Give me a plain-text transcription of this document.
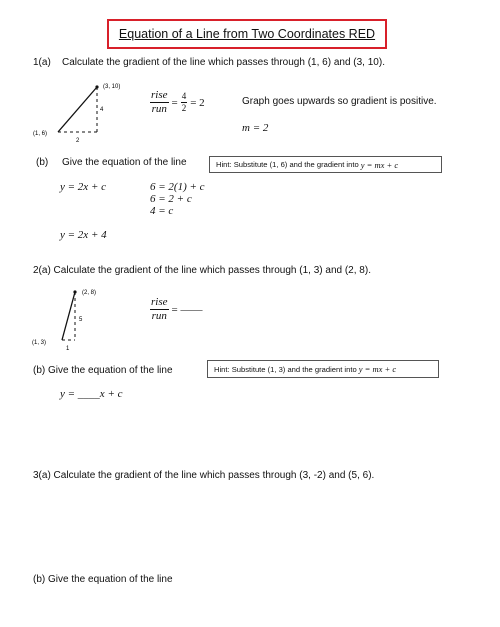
Equation of a Line from Two Coordinates RED
1(a) Calculate the gradient of the line which passes through (1, 6) and (3, 10).
(3, 10)
(1, 6)
4
2
$\frac{\text{rise}}{\text{run}} = \frac{4}{2} = 2$	Graph goes upwards so gradient is positive.
m = 2
(b) Give the equation of the line	Hint: Substitute (1, 6) and the gradient into y = mx + c
y = 2x + c	6 = 2(1) + c
6 = 2 + c
4 = c
y = 2x + 4
2(a) Calculate the gradient of the line which passes through (1, 3) and (2, 8).
(2, 8)
(1, 3)
5
1
$\frac{\text{rise}}{\text{run}}$ = ——
(b) Give the equation of the line	Hint: Substitute (1, 3) and the gradient into y = mx + c
y = ____x + c
3(a) Calculate the gradient of the line which passes through (3, -2) and (5, 6).
(b) Give the equation of the line
